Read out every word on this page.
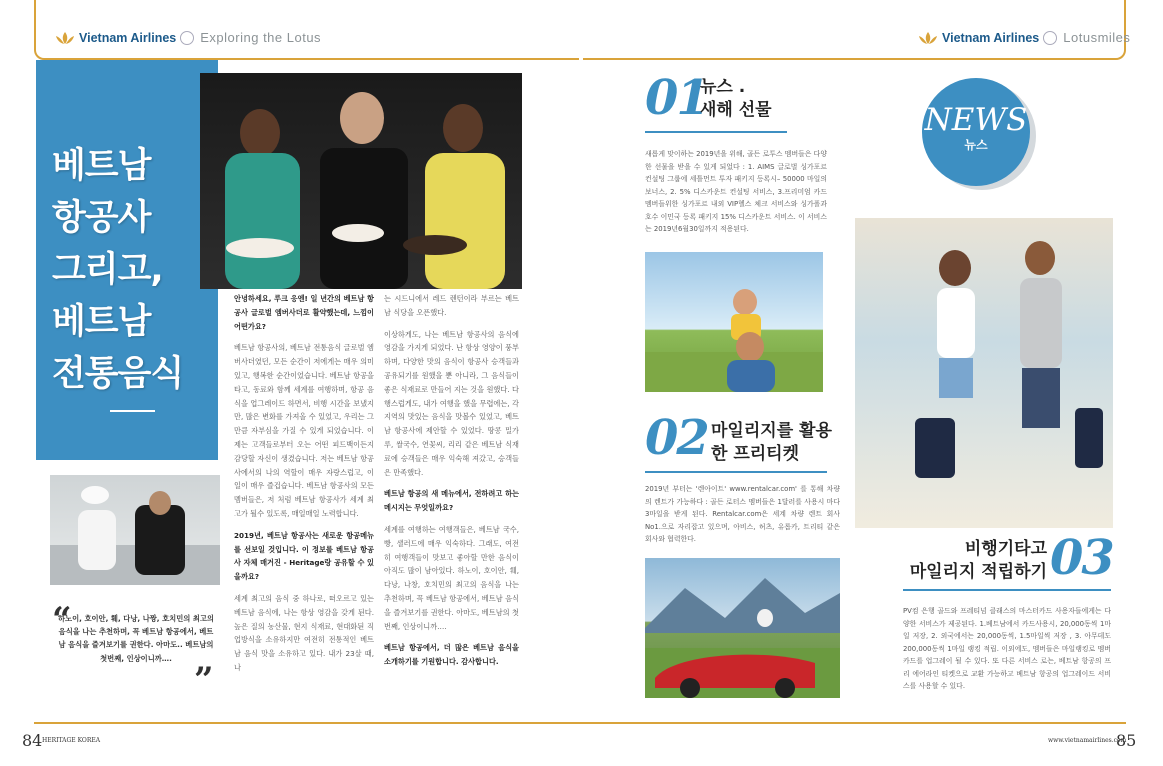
Vietnam Airlines Exploring the Lotus	Vietnam Airlines Lotusmiles
베트남
항공사
그리고,
베트남
전통음식

안녕하세요, 루크 응엔! 일 년간의 베트남 항공사 글로벌 엠버사더로 활약했는데, 느낌이 어떤가요?

베트남 항공사의, 베트남 전통음식 글로벌 엠버사더였던, 모든 순간이 저에게는 매우 의미 있고, 행복한 순간이었습니다. 베트남 항공을 타고, 동료와 함께 세계를 여행하며, 항공 음식을 업그레이드 하면서, 비행 시간을 보냈지만, 많은 변화를 가져올 수 있었고, 우리는 그만큼 자부심을 가질 수 있게 되었습니다. 이제는 고객들로부터 오는 어떤 피드백이든지 감당할 자신이 생겼습니다. 저는 베트남 항공사에서의 나의 역할이 매우 자랑스럽고, 이 일이 매우 즐겁습니다. 베트남 항공사의 모든 멤버들은, 저 처럼 베트남 항공사가 세계 최고가 될수 있도록, 매일매일 노력합니다.

2019년, 베트남 항공사는 새로운 항공메뉴를 선보일 것입니다. 이 정보를 베트남 항공사 자체 매거진 - Heritage랑 공유할 수 있을까요?

세계 최고의 음식 중 하나로, 떠오르고 있는 베트남 음식에, 나는 항상 영감을 갖게 된다. 높은 질의 농산물, 현지 식재료, 현대화된 직업방식을 소유하지만 여전히 전통적인 베트남 음식 맛을 소유하고 있다. 내가 23살 때, 나

는 시드니에서 레드 렌턴이라 부르는 베트남 식당을 오픈했다.

이상하게도, 나는 베트남 항공사의 음식에 영감을 가지게 되었다. 난 항상 영양이 풍부하며, 다양한 맛의 음식이 항공사 승객들과 공유되기를 원했을 뿐 아니라, 그 음식들이 좋은 식재료로 만들어 지는 것을 원했다. 다행스럽게도, 내가 여행을 했을 무렵에는, 각 지역의 맛있는 음식을 맛볼수 있었고, 베트남 항공사에 제안할 수 있었다. 땅콩 밀가루, 쌀국수, 연꽃씨, 리리 같은 베트남 식재료에 승객들은 매우 익숙해 져갔고, 승객들은 만족했다.

베트남 항공의 새 메뉴에서, 전하려고 하는 메시지는 무엇일까요?

세계를 여행하는 여행객들은, 베트남 국수, 빵, 샐러드에 매우 익숙하다. 그래도, 여전히 여행객들이 맛보고 좋아할 만한 음식이 아직도 많이 남아있다. 하노이, 호이안, 훼, 다낭, 나창, 호치민의 최고의 음식을 나는 추천하며, 꼭 베트남 항공에서, 베트남 음식을 즐겨보기를 권한다. 아마도, 베트남의 첫번째, 인상이니까….

베트남 항공에서, 더 많은 베트남 음식을 소개하기를 기원합니다. 감사합니다.

“
하노이, 호이안, 훼, 다낭, 나짱, 호치민의 최고의 음식을 나는 추천하며, 꼭 베트남 항공에서, 베트남 음식을 즐겨보기를 권한다. 아마도.. 베트남의 첫번째, 인상이니까….
”
01
뉴스 .
새해 선물
새롭게 맞이하는 2019년을 위해, 골든 로투스 멤버들은 다양한 선물을 받을 수 있게 되었다 : 1. AIMS 글로벌 싱가포르 컨설팅 그룹에 세틀먼트 투자 패키지 등록시– 50000 마일의 보너스, 2. 5% 디스카운트 컨설팅 서비스, 3.프리미엄 카드 멤버들위한 싱가포르 내외 VIP헬스 체크 서비스와 싱가폴과 호수 이민국 등록 패키지 15% 디스카운트 서비스. 이 서비스는 2019년6월30일까지 적용된다.
NEWS
뉴스
02 마일리지를 활용
한 프리티켓
2019년 부터는 '렌아이트' www.rentalcar.com' 를 통해 차량의 렌트가 가능하다 : 골든 로터스 멤버들은 1달러를 사용시 마다 3마일을 받게 된다. Rentalcar.com은 세계 차량 렌트 회사 No1.으로 자리잡고 있으며, 아비스, 허츠, 유롭카, 트리티 같은 회사와 협력한다.	비행기타고
마일리지 적립하기 03
PV컴 은행 골드와 프레티넘 클래스의 마스터카드 사용자들에게는 다양한 서비스가 제공된다. 1.베트남에서 카드사용시, 20,000동씩 1마일 저장, 2. 외국에서는 20,000동씩, 1.5마일씩 저장 , 3. 아무데도 200,000동씩 1마일 랭킹 적립. 이외에도, 멤버들은 마일랭킹로 멤버 카드를 업그레이 될 수 있다. 또 다른 서비스 로는, 베트남 항공의 프리 에어라인 티켓으로 교환 가능하고 베트남 항공의 업그레이드 서비스를 사용할 수 있다.
84 HERITAGE KOREA	www.vietnamairlines.com
85
